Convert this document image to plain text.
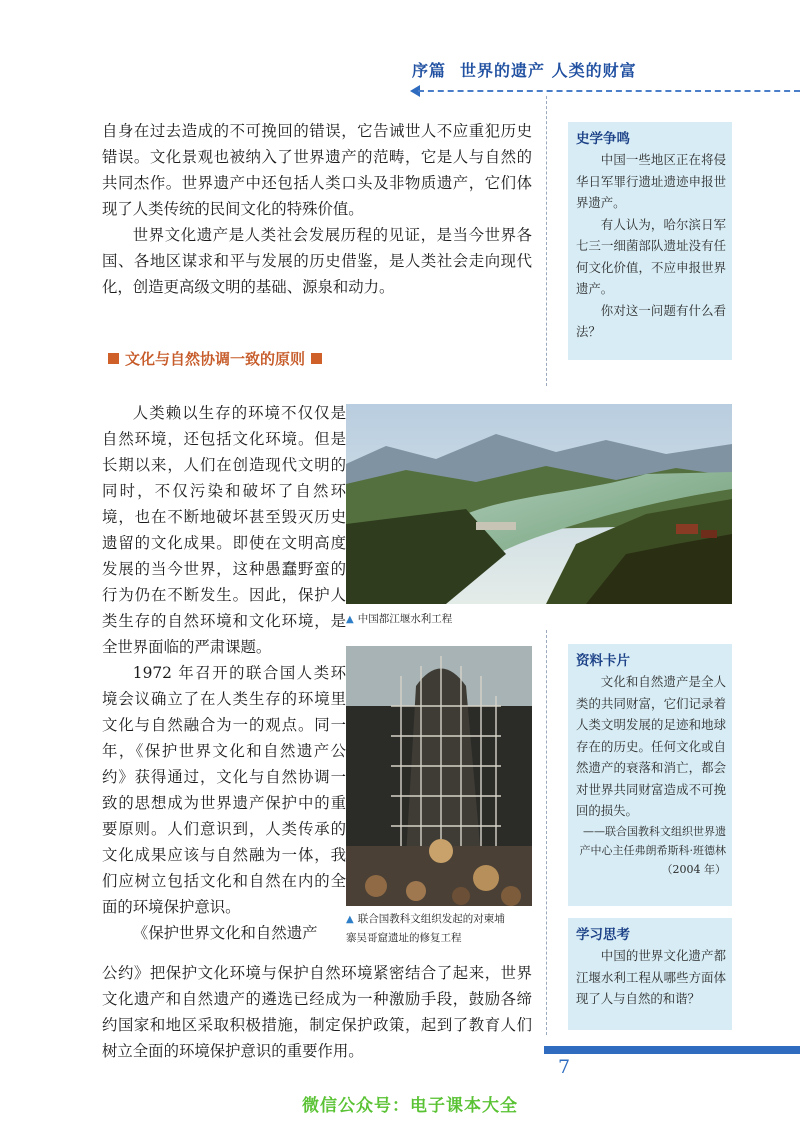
序篇 世界的遗产 人类的财富

自身在过去造成的不可挽回的错误，它告诫世人不应重犯历史错误。文化景观也被纳入了世界遗产的范畴，它是人与自然的共同杰作。世界遗产中还包括人类口头及非物质遗产，它们体现了人类传统的民间文化的特殊价值。

世界文化遗产是人类社会发展历程的见证，是当今世界各国、各地区谋求和平与发展的历史借鉴，是人类社会走向现代化，创造更高级文明的基础、源泉和动力。

文化与自然协调一致的原则

人类赖以生存的环境不仅仅是自然环境，还包括文化环境。但是长期以来，人们在创造现代文明的同时，不仅污染和破坏了自然环境，也在不断地破坏甚至毁灭历史遗留的文化成果。即使在文明高度发展的当今世界，这种愚蠢野蛮的行为仍在不断发生。因此，保护人类生存的自然环境和文化环境，是全世界面临的严肃课题。

1972 年召开的联合国人类环境会议确立了在人类生存的环境里文化与自然融合为一的观点。同一年，《保护世界文化和自然遗产公约》获得通过，文化与自然协调一致的思想成为世界遗产保护中的重要原则。人们意识到，人类传承的文化成果应该与自然融为一体，我们应树立包括文化和自然在内的全面的环境保护意识。

《保护世界文化和自然遗产

公约》把保护文化环境与保护自然环境紧密结合了起来，世界文化遗产和自然遗产的遴选已经成为一种激励手段，鼓励各缔约国家和地区采取积极措施，制定保护政策，起到了教育人们树立全面的环境保护意识的重要作用。

▲ 中国都江堰水利工程
▲ 联合国教科文组织发起的对柬埔
寨吴哥窟遗址的修复工程
史学争鸣

中国一些地区正在将侵华日军罪行遗址遗迹申报世界遗产。

有人认为，哈尔滨日军七三一细菌部队遗址没有任何文化价值，不应申报世界遗产。

你对这一问题有什么看法？

资料卡片

文化和自然遗产是全人类的共同财富，它们记录着人类文明发展的足迹和地球存在的历史。任何文化或自然遗产的衰落和消亡，都会对世界共同财富造成不可挽回的损失。

——联合国教科文组织世界遗产中心主任弗朗希斯科·班德林（2004 年）

学习思考

中国的世界文化遗产都江堰水利工程从哪些方面体现了人与自然的和谐？

7
微信公众号：电子课本大全
